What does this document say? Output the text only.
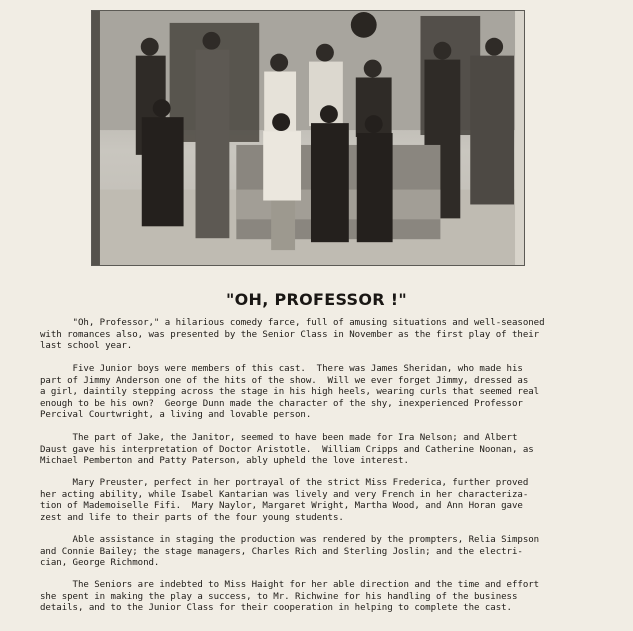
"OH, PROFESSOR !"

"Oh, Professor," a hilarious comedy farce, full of amusing situations and well-seasoned
with romances also, was presented by the Senior Class in November as the first play of their
last school year.

Five Junior boys were members of this cast.  There was James Sheridan, who made his
part of Jimmy Anderson one of the hits of the show.  Will we ever forget Jimmy, dressed as
a girl, daintily stepping across the stage in his high heels, wearing curls that seemed real
enough to be his own?  George Dunn made the character of the shy, inexperienced Professor
Percival Courtwright, a living and lovable person.

The part of Jake, the Janitor, seemed to have been made for Ira Nelson; and Albert
Daust gave his interpretation of Doctor Aristotle.  William Cripps and Catherine Noonan, as
Michael Pemberton and Patty Paterson, ably upheld the love interest.

Mary Preuster, perfect in her portrayal of the strict Miss Frederica, further proved
her acting ability, while Isabel Kantarian was lively and very French in her characteriza-
tion of Mademoiselle Fifi.  Mary Naylor, Margaret Wright, Martha Wood, and Ann Horan gave
zest and life to their parts of the four young students.

Able assistance in staging the production was rendered by the prompters, Relia Simpson
and Connie Bailey; the stage managers, Charles Rich and Sterling Joslin; and the electri-
cian, George Richmond.

The Seniors are indebted to Miss Haight for her able direction and the time and effort
she spent in making the play a success, to Mr. Richwine for his handling of the business
details, and to the Junior Class for their cooperation in helping to complete the cast.
